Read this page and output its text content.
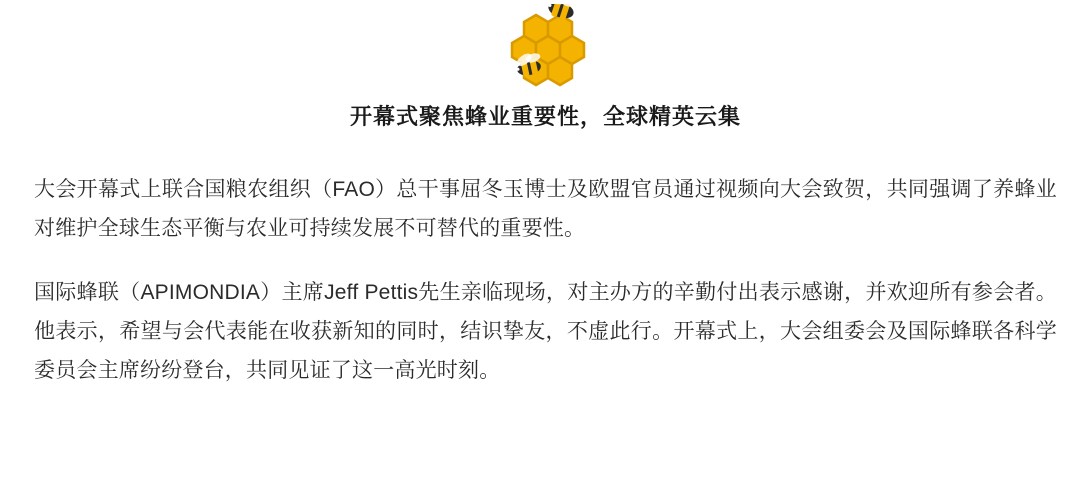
开幕式聚焦蜂业重要性，全球精英云集

大会开幕式上联合国粮农组织（FAO）总干事屈冬玉博士及欧盟官员通过视频向大会致贺，共同强调了养蜂业对维护全球生态平衡与农业可持续发展不可替代的重要性。

国际蜂联（APIMONDIA）主席Jeff Pettis先生亲临现场，对主办方的辛勤付出表示感谢，并欢迎所有参会者。他表示，希望与会代表能在收获新知的同时，结识挚友，不虚此行。开幕式上，大会组委会及国际蜂联各科学委员会主席纷纷登台，共同见证了这一高光时刻。
